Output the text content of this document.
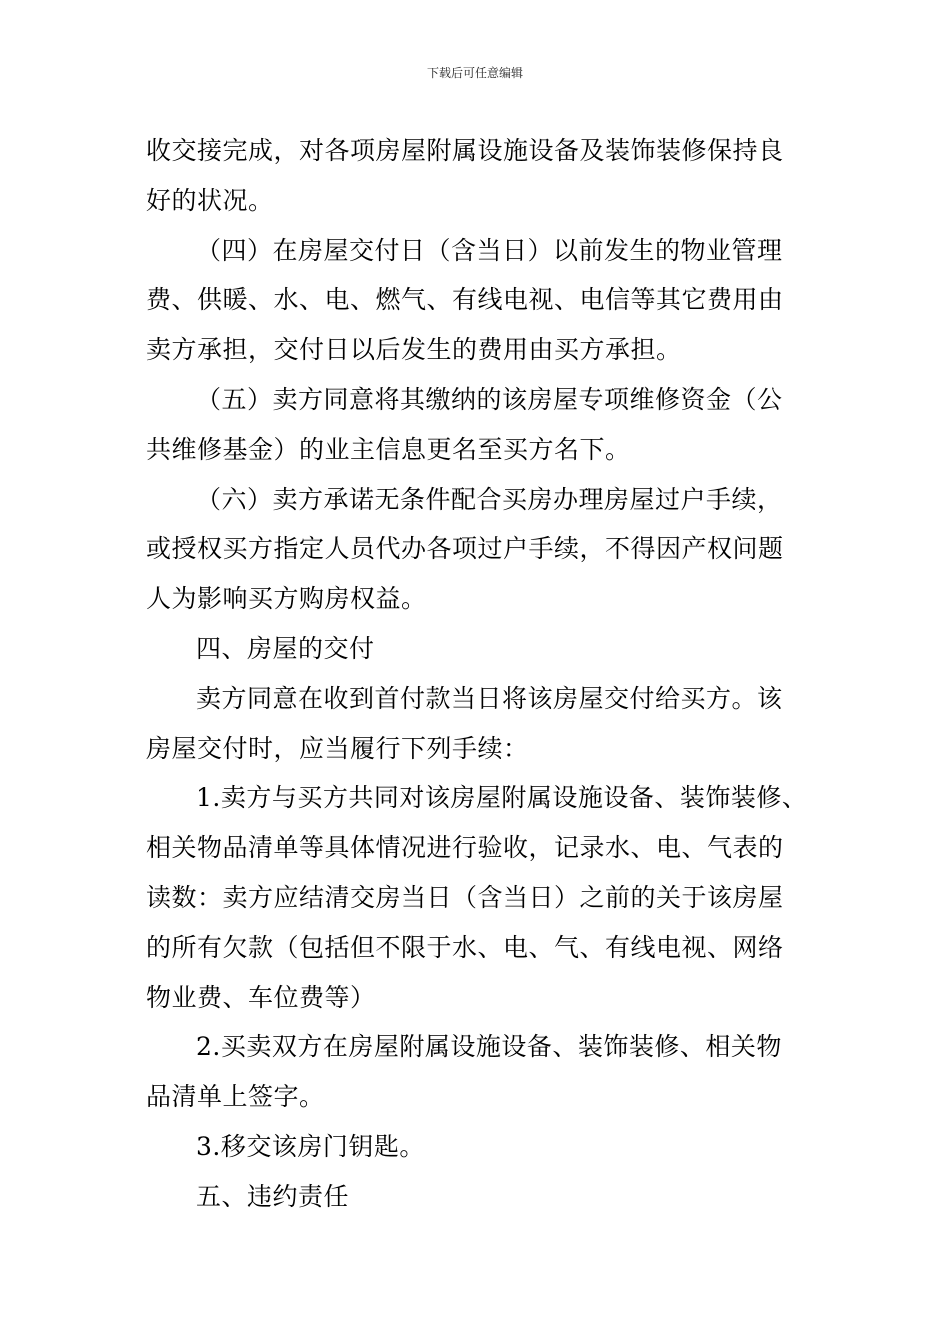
下载后可任意编辑
收交接完成，对各项房屋附属设施设备及装饰装修保持良
好的状况。
（四）在房屋交付日（含当日）以前发生的物业管理
费、供暖、水、电、燃气、有线电视、电信等其它费用由
卖方承担，交付日以后发生的费用由买方承担。
（五）卖方同意将其缴纳的该房屋专项维修资金（公
共维修基金）的业主信息更名至买方名下。
（六）卖方承诺无条件配合买房办理房屋过户手续，
或授权买方指定人员代办各项过户手续，不得因产权问题
人为影响买方购房权益。
四、房屋的交付
卖方同意在收到首付款当日将该房屋交付给买方。该
房屋交付时，应当履行下列手续：
1.卖方与买方共同对该房屋附属设施设备、装饰装修、
相关物品清单等具体情况进行验收，记录水、电、气表的
读数：卖方应结清交房当日（含当日）之前的关于该房屋
的所有欠款（包括但不限于水、电、气、有线电视、网络
物业费、车位费等）
2.买卖双方在房屋附属设施设备、装饰装修、相关物
品清单上签字。
3.移交该房门钥匙。
五、违约责任
